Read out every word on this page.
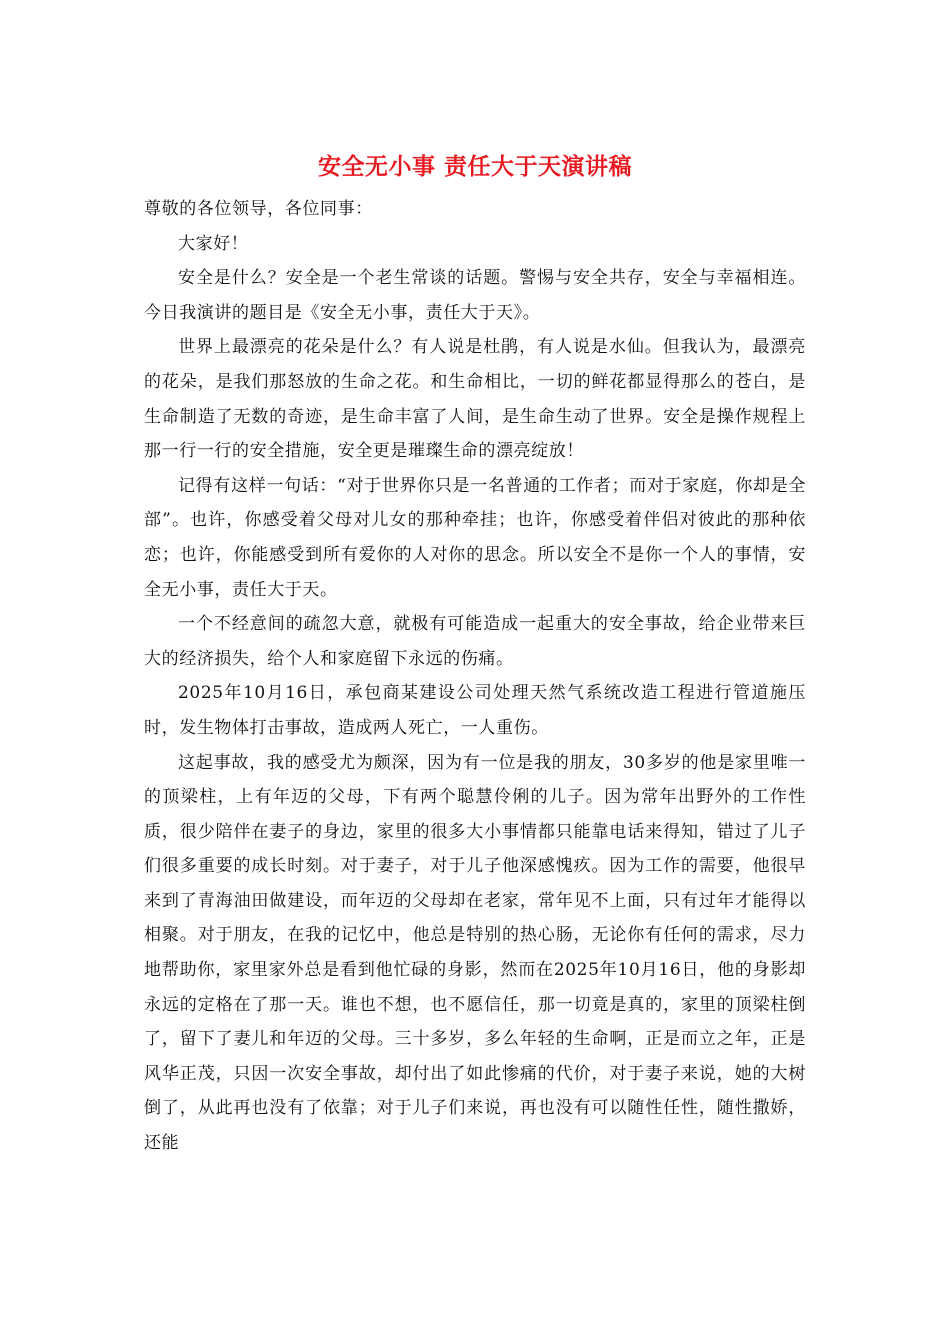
安全无小事 责任大于天演讲稿

尊敬的各位领导，各位同事：

大家好！

安全是什么？安全是一个老生常谈的话题。警惕与安全共存，安全与幸福相连。今日我演讲的题目是《安全无小事，责任大于天》。

世界上最漂亮的花朵是什么？有人说是杜鹃，有人说是水仙。但我认为，最漂亮的花朵，是我们那怒放的生命之花。和生命相比，一切的鲜花都显得那么的苍白，是生命制造了无数的奇迹，是生命丰富了人间，是生命生动了世界。安全是操作规程上那一行一行的安全措施，安全更是璀璨生命的漂亮绽放！

记得有这样一句话：“对于世界你只是一名普通的工作者；而对于家庭，你却是全部”。也许，你感受着父母对儿女的那种牵挂；也许，你感受着伴侣对彼此的那种依恋；也许，你能感受到所有爱你的人对你的思念。所以安全不是你一个人的事情，安全无小事，责任大于天。

一个不经意间的疏忽大意，就极有可能造成一起重大的安全事故，给企业带来巨大的经济损失，给个人和家庭留下永远的伤痛。

2025年10月16日，承包商某建设公司处理天然气系统改造工程进行管道施压时，发生物体打击事故，造成两人死亡，一人重伤。

这起事故，我的感受尤为颇深，因为有一位是我的朋友，30多岁的他是家里唯一的顶梁柱，上有年迈的父母，下有两个聪慧伶俐的儿子。因为常年出野外的工作性质，很少陪伴在妻子的身边，家里的很多大小事情都只能靠电话来得知，错过了儿子们很多重要的成长时刻。对于妻子，对于儿子他深感愧疚。因为工作的需要，他很早来到了青海油田做建设，而年迈的父母却在老家，常年见不上面，只有过年才能得以相聚。对于朋友，在我的记忆中，他总是特别的热心肠，无论你有任何的需求，尽力地帮助你，家里家外总是看到他忙碌的身影，然而在2025年10月16日，他的身影却永远的定格在了那一天。谁也不想，也不愿信任，那一切竟是真的，家里的顶梁柱倒了，留下了妻儿和年迈的父母。三十多岁，多么年轻的生命啊，正是而立之年，正是风华正茂，只因一次安全事故，却付出了如此惨痛的代价，对于妻子来说，她的大树倒了，从此再也没有了依靠；对于儿子们来说，再也没有可以随性任性，随性撒娇，还能
